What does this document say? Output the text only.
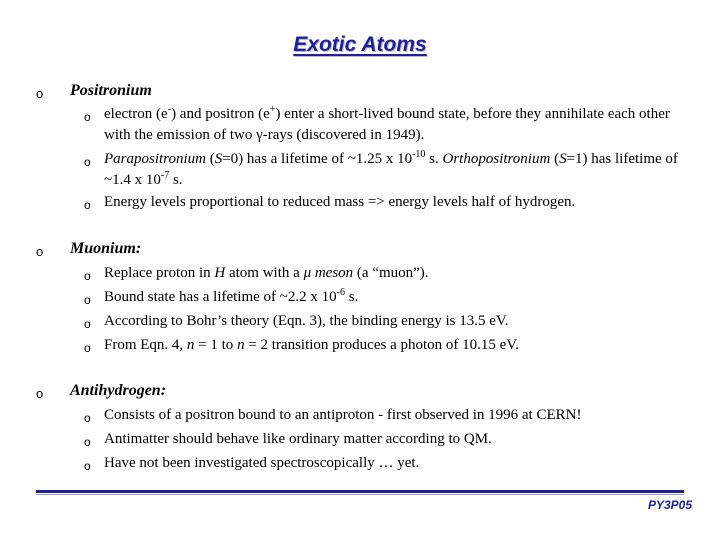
Exotic Atoms
o Positronium
o electron (e-) and positron (e+) enter a short-lived bound state, before they annihilate each other with the emission of two γ-rays (discovered in 1949).
o Parapositronium (S=0) has a lifetime of ~1.25 x $10^{-10}$ s. Orthopositronium (S=1) has lifetime of ~1.4 x $10^{-7}$ s.
o Energy levels proportional to reduced mass => energy levels half of hydrogen.
o Muonium:
o Replace proton in H atom with a μ meson (a “muon”).
o Bound state has a lifetime of ~2.2 x $10^{-6}$ s.
o According to Bohr’s theory (Eqn. 3), the binding energy is 13.5 eV.
o From Eqn. 4, n = 1 to n = 2 transition produces a photon of 10.15 eV.
o Antihydrogen:
o Consists of a positron bound to an antiproton - first observed in 1996 at CERN!
o Antimatter should behave like ordinary matter according to QM.
o Have not been investigated spectroscopically … yet.
PY3P05
